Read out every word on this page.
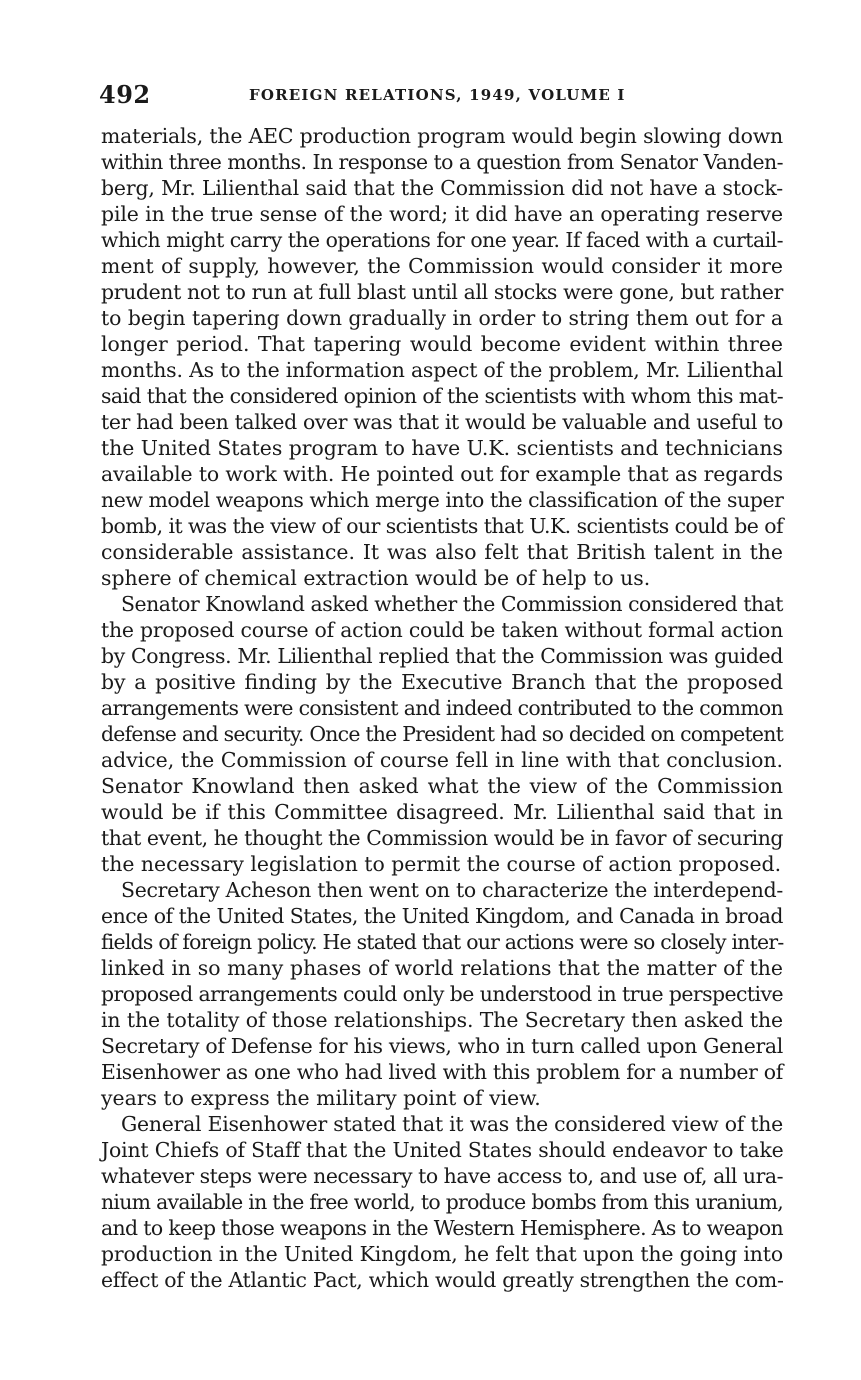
492	FOREIGN RELATIONS, 1949, VOLUME I
materials, the AEC production program would begin slowing down
within three months. In response to a question from Senator Vanden-
berg, Mr. Lilienthal said that the Commission did not have a stock-
pile in the true sense of the word; it did have an operating reserve
which might carry the operations for one year. If faced with a curtail-
ment of supply, however, the Commission would consider it more
prudent not to run at full blast until all stocks were gone, but rather
to begin tapering down gradually in order to string them out for a
longer period. That tapering would become evident within three
months. As to the information aspect of the problem, Mr. Lilienthal
said that the considered opinion of the scientists with whom this mat-
ter had been talked over was that it would be valuable and useful to
the United States program to have U.K. scientists and technicians
available to work with. He pointed out for example that as regards
new model weapons which merge into the classification of the super
bomb, it was the view of our scientists that U.K. scientists could be of
considerable assistance. It was also felt that British talent in the
sphere of chemical extraction would be of help to us.
Senator Knowland asked whether the Commission considered that
the proposed course of action could be taken without formal action
by Congress. Mr. Lilienthal replied that the Commission was guided
by a positive finding by the Executive Branch that the proposed
arrangements were consistent and indeed contributed to the common
defense and security. Once the President had so decided on competent
advice, the Commission of course fell in line with that conclusion.
Senator Knowland then asked what the view of the Commission
would be if this Committee disagreed. Mr. Lilienthal said that in
that event, he thought the Commission would be in favor of securing
the necessary legislation to permit the course of action proposed.
Secretary Acheson then went on to characterize the interdepend-
ence of the United States, the United Kingdom, and Canada in broad
fields of foreign policy. He stated that our actions were so closely inter-
linked in so many phases of world relations that the matter of the
proposed arrangements could only be understood in true perspective
in the totality of those relationships. The Secretary then asked the
Secretary of Defense for his views, who in turn called upon General
Eisenhower as one who had lived with this problem for a number of
years to express the military point of view.
General Eisenhower stated that it was the considered view of the
Joint Chiefs of Staff that the United States should endeavor to take
whatever steps were necessary to have access to, and use of, all ura-
nium available in the free world, to produce bombs from this uranium,
and to keep those weapons in the Western Hemisphere. As to weapon
production in the United Kingdom, he felt that upon the going into
effect of the Atlantic Pact, which would greatly strengthen the com-
